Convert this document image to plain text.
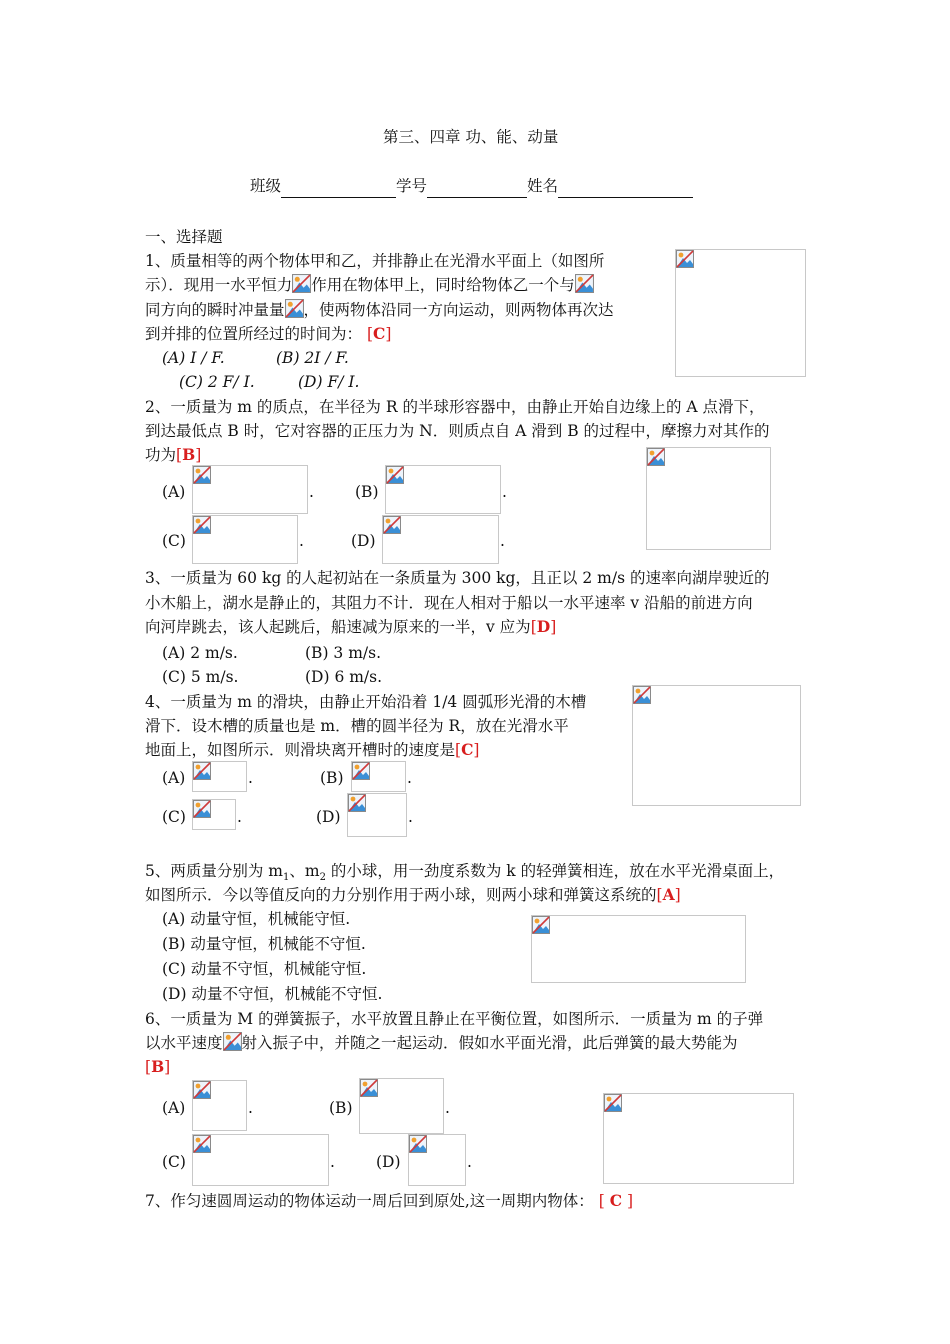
第三、四章 功、能、动量
班级	学号	姓名
一、选择题
1、质量相等的两个物体甲和乙，并排静止在光滑水平面上（如图所
示）．现用一水平恒力 作用在物体甲上，同时给物体乙一个与
同方向的瞬时冲量量 ，使两物体沿同一方向运动，则两物体再次达
到并排的位置所经过的时间为： [C]
(A) I / F.	(B) 2I / F.
(C) 2 F/ I.	(D) F/ I.
2、一质量为 m 的质点，在半径为 R 的半球形容器中，由静止开始自边缘上的 A 点滑下，
到达最低点 B 时，它对容器的正压力为 N．则质点自 A 滑到 B 的过程中，摩擦力对其作的
功为[B]
(A)	.	(B)	.
(C)	.	(D)	.
3、一质量为 60 kg 的人起初站在一条质量为 300 kg，且正以 2 m/s 的速率向湖岸驶近的
小木船上，湖水是静止的，其阻力不计．现在人相对于船以一水平速率 v 沿船的前进方向
向河岸跳去，该人起跳后，船速减为原来的一半，v 应为[D]
(A) 2 m/s.	(B) 3 m/s.
(C) 5 m/s.	(D) 6 m/s.
4、一质量为 m 的滑块，由静止开始沿着 1/4 圆弧形光滑的木槽
滑下．设木槽的质量也是 m．槽的圆半径为 R，放在光滑水平
地面上，如图所示．则滑块离开槽时的速度是[C]
(A)	.	(B)	.
(C)	.	(D)	.
5、两质量分别为 $m_1$、$m_2$ 的小球，用一劲度系数为 k 的轻弹簧相连，放在水平光滑桌面上，
如图所示．今以等值反向的力分别作用于两小球，则两小球和弹簧这系统的[A]
(A) 动量守恒，机械能守恒.
(B) 动量守恒，机械能不守恒.
(C) 动量不守恒，机械能守恒.
(D) 动量不守恒，机械能不守恒.
6、一质量为 M 的弹簧振子，水平放置且静止在平衡位置，如图所示．一质量为 m 的子弹
以水平速度 射入振子中，并随之一起运动．假如水平面光滑，此后弹簧的最大势能为
[B]
(A)	.	(B)	.
(C)	.	(D)	.
7、作匀速圆周运动的物体运动一周后回到原处,这一周期内物体： [ C ]
